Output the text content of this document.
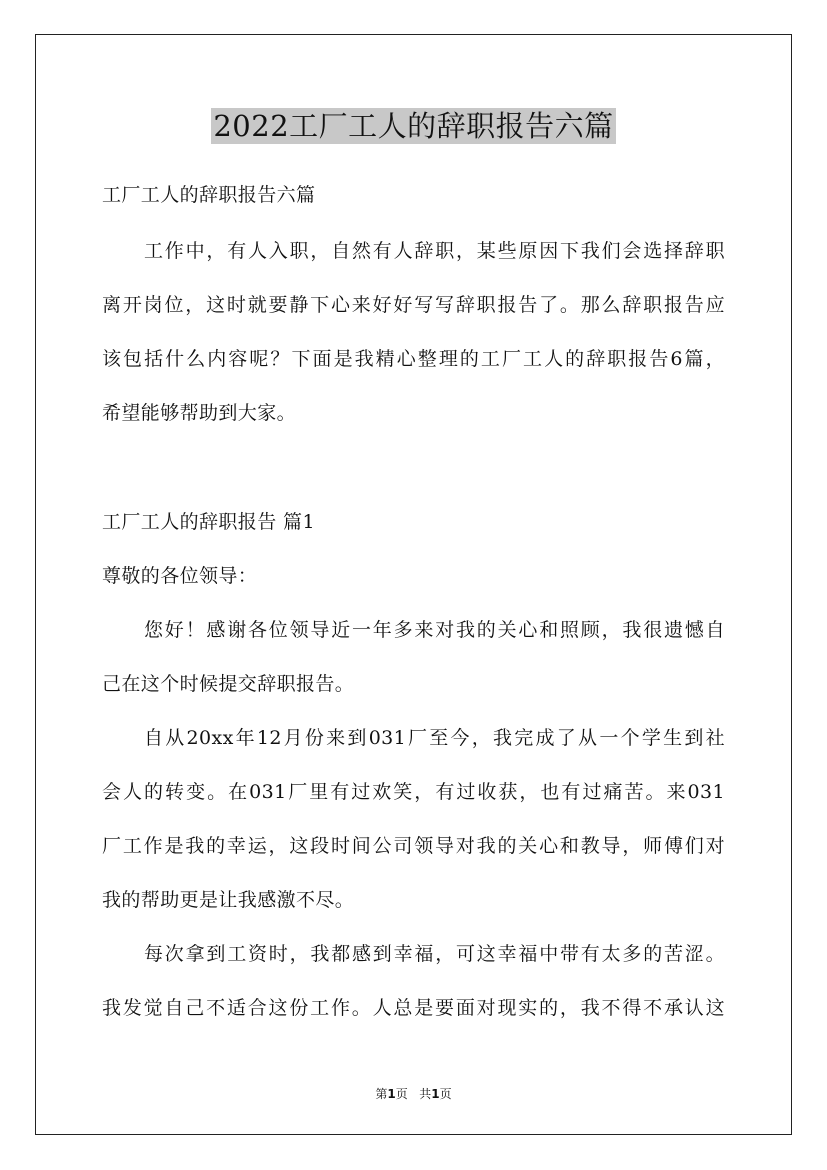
2022工厂工人的辞职报告六篇
工厂工人的辞职报告六篇
工作中，有人入职，自然有人辞职，某些原因下我们会选择辞职
离开岗位，这时就要静下心来好好写写辞职报告了。那么辞职报告应
该包括什么内容呢？下面是我精心整理的工厂工人的辞职报告6篇，
希望能够帮助到大家。
工厂工人的辞职报告 篇1
尊敬的各位领导：
您好！感谢各位领导近一年多来对我的关心和照顾，我很遗憾自
己在这个时候提交辞职报告。
自从20xx年12月份来到031厂至今，我完成了从一个学生到社
会人的转变。在031厂里有过欢笑，有过收获，也有过痛苦。来031
厂工作是我的幸运，这段时间公司领导对我的关心和教导，师傅们对
我的帮助更是让我感激不尽。
每次拿到工资时，我都感到幸福，可这幸福中带有太多的苦涩。
我发觉自己不适合这份工作。人总是要面对现实的，我不得不承认这
第1页 共1页
